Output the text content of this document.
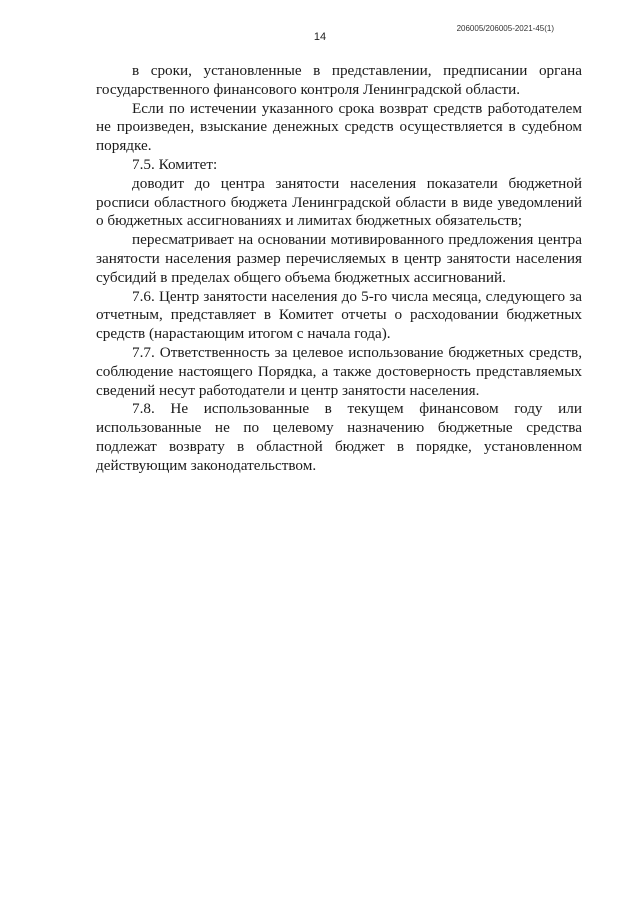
206005/206005-2021-45(1)
14

в сроки, установленные в представлении, предписании органа государственного финансового контроля Ленинградской области.

Если по истечении указанного срока возврат средств работодателем не произведен, взыскание денежных средств осуществляется в судебном порядке.

7.5. Комитет:

доводит до центра занятости населения показатели бюджетной росписи областного бюджета Ленинградской области в виде уведомлений о бюджетных ассигнованиях и лимитах бюджетных обязательств;

пересматривает на основании мотивированного предложения центра занятости населения размер перечисляемых в центр занятости населения субсидий в пределах общего объема бюджетных ассигнований.

7.6. Центр занятости населения до 5-го числа месяца, следующего за отчетным, представляет в Комитет отчеты о расходовании бюджетных средств (нарастающим итогом с начала года).

7.7. Ответственность за целевое использование бюджетных средств, соблюдение настоящего Порядка, а также достоверность представляемых сведений несут работодатели и центр занятости населения.

7.8. Не использованные в текущем финансовом году или использованные не по целевому назначению бюджетные средства подлежат возврату в областной бюджет в порядке, установленном действующим законодательством.
